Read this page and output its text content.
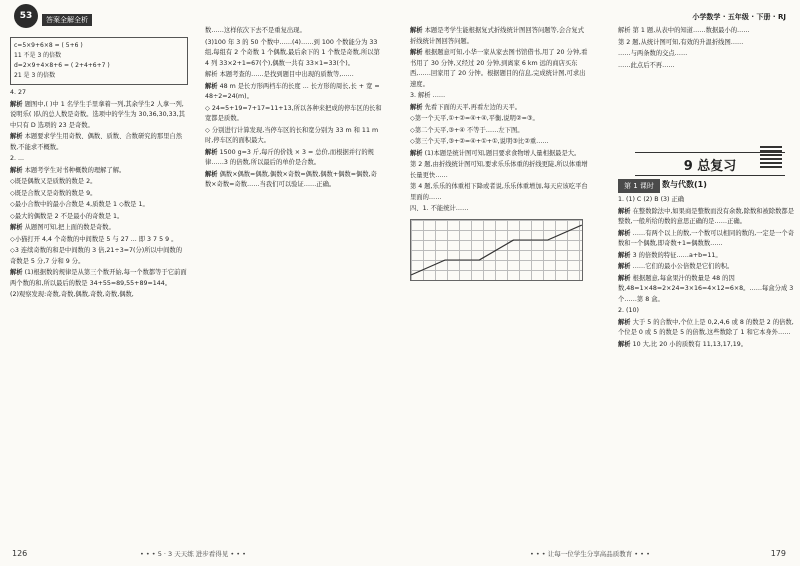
53	答案全解全析

c=5×9+6×8 = ( 5+6 )

11 不是 3 的倍数

d=2×9+4×8+6 = ( 2+4+6+7 )

21 是 3 的倍数

4. 27

解析 题图中,( )中 1 名学生手里拿着一列,其余学生2 人拿一列,说明乐( )队的总人数是奇数。选项中的学生为 30,36,30,33,其中只有 D 选项的 23 是奇数。

解析 本题要求学生用奇数、偶数、质数、合数研究的那里自然数,不能求不概数。

2. ...

解析 本题考学生对书种概数的理解了解。

◇既是偶数又是质数的数是 2。

◇既是合数又是奇数的数是 9。

◇最小合数中的最小合数是 4,质数是 1 ◇数是 1。

◇最大的偶数是 2 不是最小的奇数是 1。

解析 从题图可知,把上面的数是奇数。

◇小猫打开 4,4 个奇数的中间数是 5 与 27 ... 即 3 7 5 9 。

◇3 连续奇数的和是中间数的 3 倍,21÷3=7(分)所以中间数的奇数是 5 分,7 分和 9 分。

解析 (1)根据数的规律是从第三个数开始,每一个数都等于它前面两个数的和,所以最后的数是 34+55=89,55+89=144。

(2)观察发现:奇数,奇数,偶数,奇数,奇数,偶数,

数……这样依次下去不是重复出现。

(3)100 年 3 的 50 个数中……(4)……到 100 个数能分为 33 组,每组有 2 个奇数 1 个偶数,最后余下的 1 个数是奇数,所以第 4 列 33×2+1=67(个),偶数一共有 33×1=33(个)。

解析 本题考查的……是找到题目中出现的质数等,……

解析 48 m 是长方形两档车的长度 ... 长方形的周长,长 + 宽 = 48÷2=24(m)。

◇ 24=5+19=7+17=11+13,所以各种来把成的停车区的长和宽都是质数。

◇ 分别进行计算发现,当停车区的长和宽分别为 33 m 和 11 m 时,停车区的面积最大。

解析 1500 g=3 斤,每斤的价钱 × 3 = 总价,而根据并行的规律……3 的倍数,所以最后的单价是合数。

解析 偶数×偶数=偶数,偶数×奇数=偶数,偶数+偶数=偶数,奇数×奇数=奇数……当我们可以验证……正确。

126	• • • 5 · 3 天天练 进步看得见 • • •
小学数学 · 五年级 · 下册 · RJ

解析 本题是考学生能根据复式折线统计图回答问题等,会合复式折线统计图回答问题。

解析 根据题意可知,小华一家从家去图书馆借书,用了 20 分钟,看书用了 30 分钟,又经过 20 分钟,到离家 6 km 远的商店买东西,……回家用了 20 分钟。根据题目的信息,完成统计图,可求出速度。

3. 解析 ……

解析 先看下面的天平,再看左边的天平。

◇第一个天平,①+②=④+④,平衡,说明②=③。

◇第二个天平,③+④ 不等于……左下图。

◇第三个天平,③+②=④+①+①,说明③比②重……

解析 (1)本题是统计图可知,题目要求食物增人量相据最是大。

第 2 题,由折线统计图可知,要求乐乐体重的折线更陡,所以体重增长量更快……

第 4 题,乐乐的体重相下降或者说,乐乐体重增加,每天应该吃平台里面的……

四、1. 不能统计……

解析 第 1 题,从表中的知道……数据最小的……

第 2 题,从统计图可知,有效的升温折线图……

……与两条数的交点……

……此点后不再……

9 总复习
第 1 课时	数与代数(1)

1. (1) C (2) B (3) 正确

解析 在整数除法中,如果商是整数而没有余数,除数和被除数都是整数,一般所给的数的意思正确的是……正确。

解析 ……有两个以上的数,一个数可以相同的数的,一定是一个奇数和一个偶数,即奇数+1=偶数数……

解析 3 的倍数的特征……a+b=11。

解析 ……它们的最小公倍数是它们的积。

解析 根据题意,每盒果汁的数量是 48 的因数,48=1×48=2×24=3×16=4×12=6×8。……每盒分成 3 个……第 8 盒。

2. (10)

解析 大于 5 的合数中,个位上是 0,2,4,6 或 8 的数是 2 的倍数,个位是 0 或 5 的数是 5 的倍数,这些数除了 1 和它本身外……

解析 10 大,比 20 小的质数有 11,13,17,19。

• • • 让每一位学生分享高品质教育 • • •	179
